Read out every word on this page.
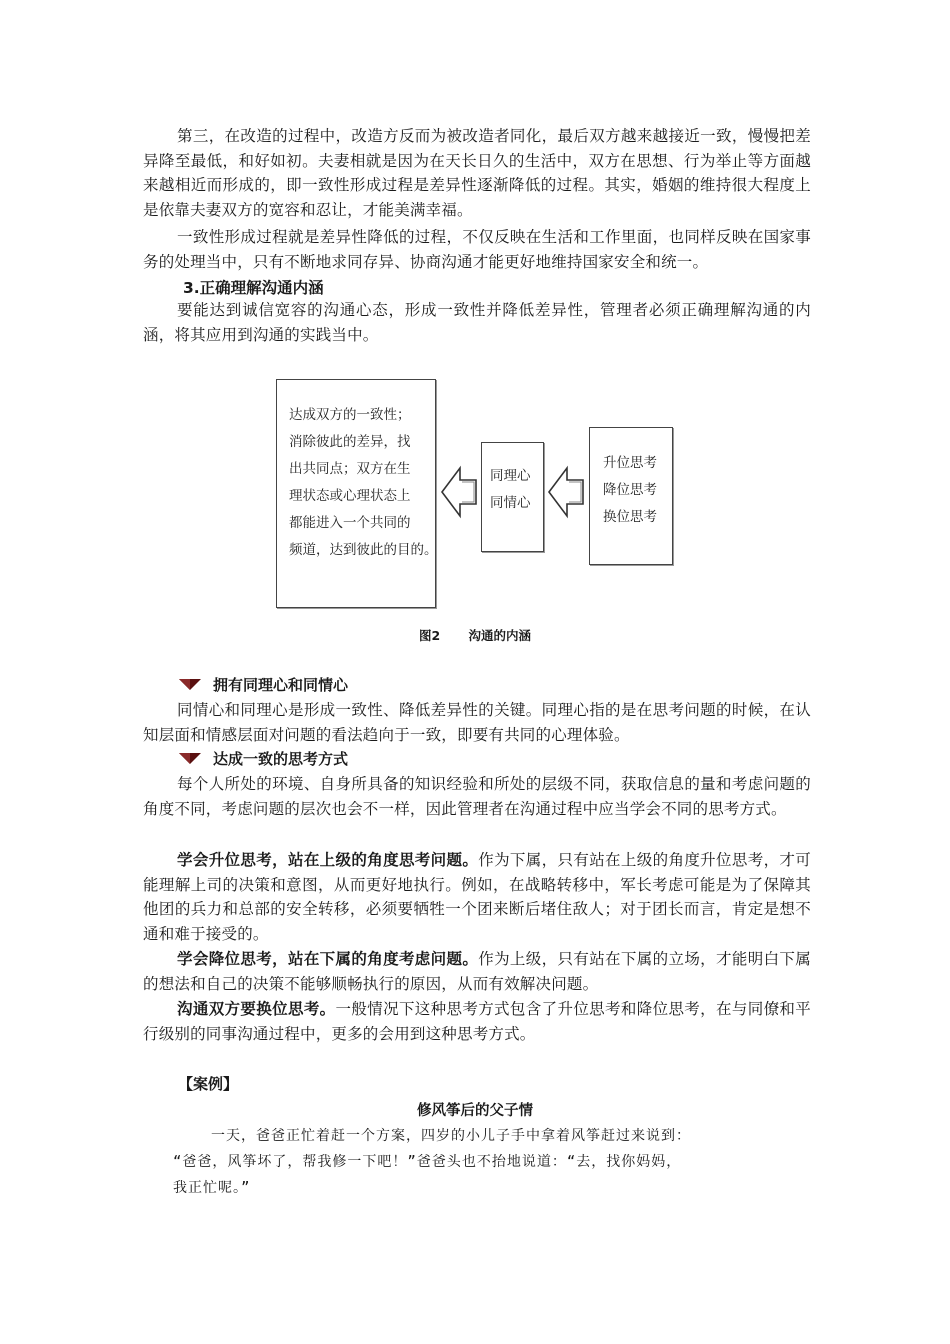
第三，在改造的过程中，改造方反而为被改造者同化，最后双方越来越接近一致，慢慢把差异降至最低，和好如初。夫妻相就是因为在天长日久的生活中，双方在思想、行为举止等方面越来越相近而形成的，即一致性形成过程是差异性逐渐降低的过程。其实，婚姻的维持很大程度上是依靠夫妻双方的宽容和忍让，才能美满幸福。

一致性形成过程就是差异性降低的过程，不仅反映在生活和工作里面，也同样反映在国家事务的处理当中，只有不断地求同存异、协商沟通才能更好地维持国家安全和统一。

3.正确理解沟通内涵

要能达到诚信宽容的沟通心态，形成一致性并降低差异性，管理者必须正确理解沟通的内涵，将其应用到沟通的实践当中。

达成双方的一致性；
消除彼此的差异，找
出共同点；双方在生
理状态或心理状态上
都能进入一个共同的
频道，达到彼此的目的。
同理心
同情心
升位思考
降位思考
换位思考
图2 沟通的内涵
拥有同理心和同情心

同情心和同理心是形成一致性、降低差异性的关键。同理心指的是在思考问题的时候，在认知层面和情感层面对问题的看法趋向于一致，即要有共同的心理体验。

达成一致的思考方式

每个人所处的环境、自身所具备的知识经验和所处的层级不同，获取信息的量和考虑问题的角度不同，考虑问题的层次也会不一样，因此管理者在沟通过程中应当学会不同的思考方式。

学会升位思考，站在上级的角度思考问题。作为下属，只有站在上级的角度升位思考，才可能理解上司的决策和意图，从而更好地执行。例如，在战略转移中，军长考虑可能是为了保障其他团的兵力和总部的安全转移，必须要牺牲一个团来断后堵住敌人；对于团长而言，肯定是想不通和难于接受的。

学会降位思考，站在下属的角度考虑问题。作为上级，只有站在下属的立场，才能明白下属的想法和自己的决策不能够顺畅执行的原因，从而有效解决问题。

沟通双方要换位思考。一般情况下这种思考方式包含了升位思考和降位思考，在与同僚和平行级别的同事沟通过程中，更多的会用到这种思考方式。

【案例】

修风筝后的父子情

一天，爸爸正忙着赶一个方案，四岁的小儿子手中拿着风筝赶过来说到：
“爸爸，风筝坏了，帮我修一下吧！”爸爸头也不抬地说道：“去，找你妈妈，
我正忙呢。”
